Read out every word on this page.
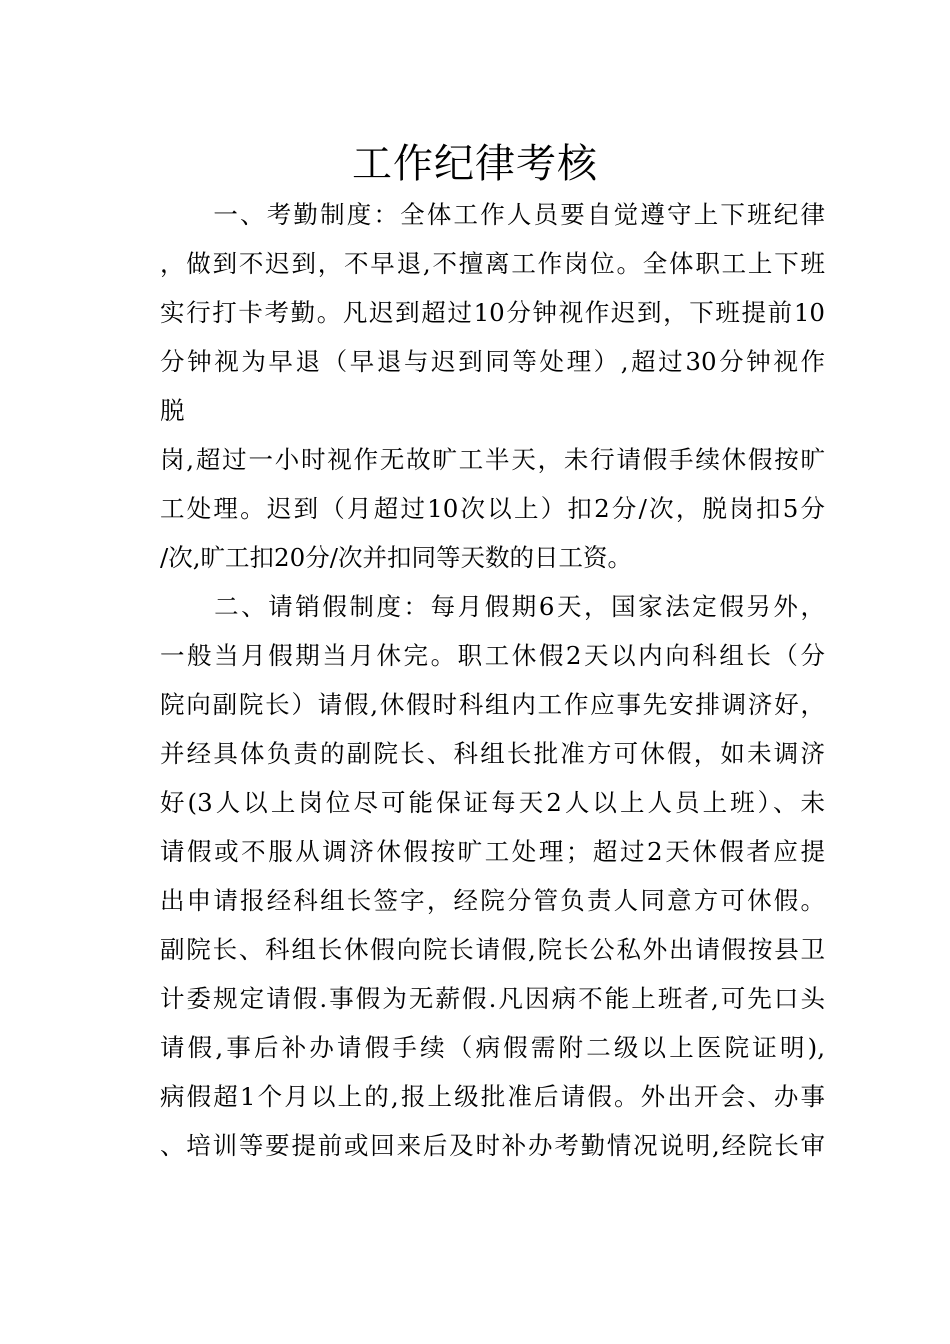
工作纪律考核
　　一、考勤制度：全体工作人员要自觉遵守上下班纪律
，做到不迟到，不早退,不擅离工作岗位。全体职工上下班
实行打卡考勤。凡迟到超过10分钟视作迟到，下班提前10
分钟视为早退（早退与迟到同等处理）,超过30分钟视作
脱
岗,超过一小时视作无故旷工半天，未行请假手续休假按旷
工处理。迟到（月超过10次以上）扣2分/次，脱岗扣5分
/次,旷工扣20分/次并扣同等天数的日工资。
　　二、请销假制度：每月假期6天，国家法定假另外，
一般当月假期当月休完。职工休假2天以内向科组长（分
院向副院长）请假,休假时科组内工作应事先安排调济好，
并经具体负责的副院长、科组长批准方可休假，如未调济
好(3人以上岗位尽可能保证每天2人以上人员上班）、未
请假或不服从调济休假按旷工处理；超过2天休假者应提
出申请报经科组长签字，经院分管负责人同意方可休假。
副院长、科组长休假向院长请假,院长公私外出请假按县卫
计委规定请假.事假为无薪假.凡因病不能上班者,可先口头
请假,事后补办请假手续（病假需附二级以上医院证明),
病假超1个月以上的,报上级批准后请假。外出开会、办事
、培训等要提前或回来后及时补办考勤情况说明,经院长审
